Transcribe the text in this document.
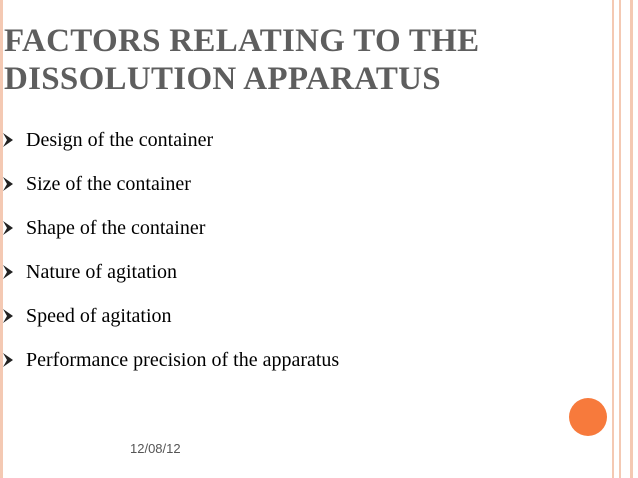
FACTORS RELATING TO THE DISSOLUTION APPARATUS
Design of the container
Size of the container
Shape of the container
Nature of agitation
Speed of agitation
Performance precision of the apparatus
12/08/12
